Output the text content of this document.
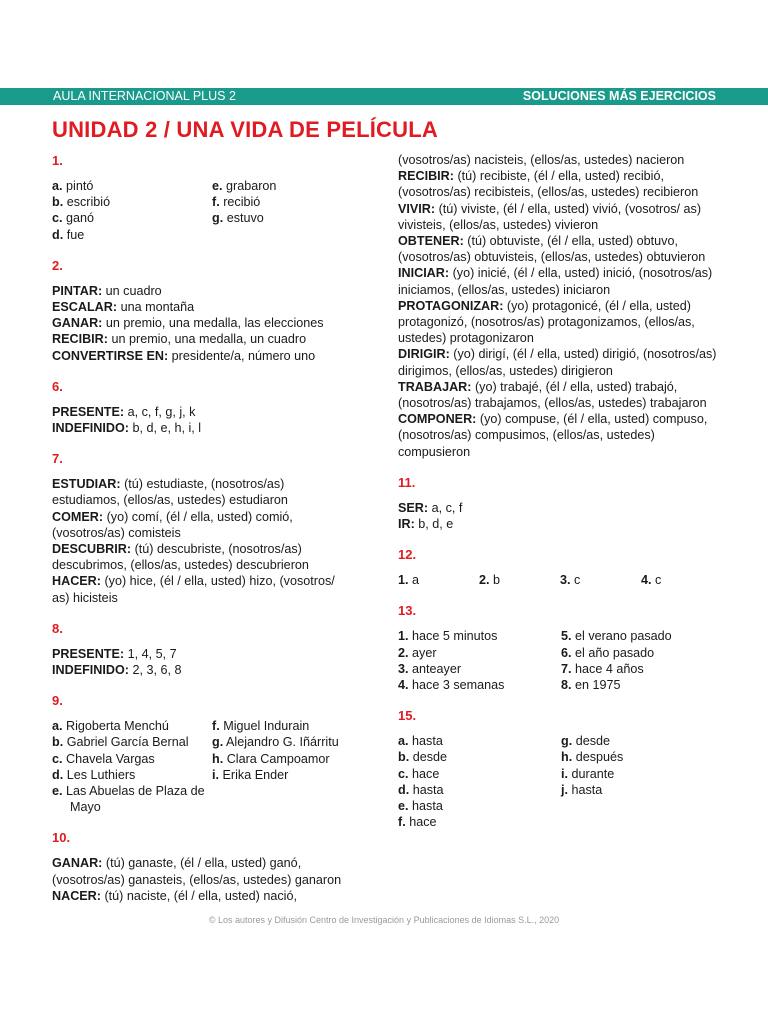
AULA INTERNACIONAL PLUS 2	SOLUCIONES MÁS EJERCICIOS
UNIDAD 2 / UNA VIDA DE PELÍCULA
1.
a. pintó
b. escribió
c. ganó
d. fue
e. grabaron
f. recibió
g. estuvo
2.
PINTAR: un cuadro
ESCALAR: una montaña
GANAR: un premio, una medalla, las elecciones
RECIBIR: un premio, una medalla, un cuadro
CONVERTIRSE EN: presidente/a, número uno
6.
PRESENTE: a, c, f, g, j, k
INDEFINIDO: b, d, e, h, i, l
7.
ESTUDIAR: (tú) estudiaste, (nosotros/as) estudiamos, (ellos/as, ustedes) estudiaron
COMER: (yo) comí, (él / ella, usted) comió, (vosotros/as) comisteis
DESCUBRIR: (tú) descubriste, (nosotros/as) descubrimos, (ellos/as, ustedes) descubrieron
HACER: (yo) hice, (él / ella, usted) hizo, (vosotros/ as) hicisteis
8.
PRESENTE: 1, 4, 5, 7
INDEFINIDO: 2, 3, 6, 8
9.
a. Rigoberta Menchú
b. Gabriel García Bernal
c. Chavela Vargas
d. Les Luthiers
e. Las Abuelas de Plaza de Mayo
f. Miguel Indurain
g. Alejandro G. Iñárritu
h. Clara Campoamor
i. Erika Ender
10.
GANAR: (tú) ganaste, (él / ella, usted) ganó, (vosotros/as) ganasteis, (ellos/as, ustedes) ganaron
NACER: (tú) naciste, (él / ella, usted) nació,
(vosotros/as) nacisteis, (ellos/as, ustedes) nacieron
RECIBIR: (tú) recibiste, (él / ella, usted) recibió, (vosotros/as) recibisteis, (ellos/as, ustedes) recibieron
VIVIR: (tú) viviste, (él / ella, usted) vivió, (vosotros/ as) vivisteis, (ellos/as, ustedes) vivieron
OBTENER: (tú) obtuviste, (él / ella, usted) obtuvo, (vosotros/as) obtuvisteis, (ellos/as, ustedes) obtuvieron
INICIAR: (yo) inicié, (él / ella, usted) inició, (nosotros/as) iniciamos, (ellos/as, ustedes) iniciaron
PROTAGONIZAR: (yo) protagonicé, (él / ella, usted) protagonizó, (nosotros/as) protagonizamos, (ellos/as, ustedes) protagonizaron
DIRIGIR: (yo) dirigí, (él / ella, usted) dirigió, (nosotros/as) dirigimos, (ellos/as, ustedes) dirigieron
TRABAJAR: (yo) trabajé, (él / ella, usted) trabajó, (nosotros/as) trabajamos, (ellos/as, ustedes) trabajaron
COMPONER: (yo) compuse, (él / ella, usted) compuso, (nosotros/as) compusimos, (ellos/as, ustedes) compusieron
11.
SER: a, c, f
IR: b, d, e
12.
1. a	2. b	3. c	4. c
13.
1. hace 5 minutos
2. ayer
3. anteayer
4. hace 3 semanas
5. el verano pasado
6. el año pasado
7. hace 4 años
8. en 1975
15.
a. hasta
b. desde
c. hace
d. hasta
e. hasta
f. hace
g. desde
h. después
i. durante
j. hasta
© Los autores y Difusión Centro de Investigación y Publicaciones de Idiomas S.L., 2020
